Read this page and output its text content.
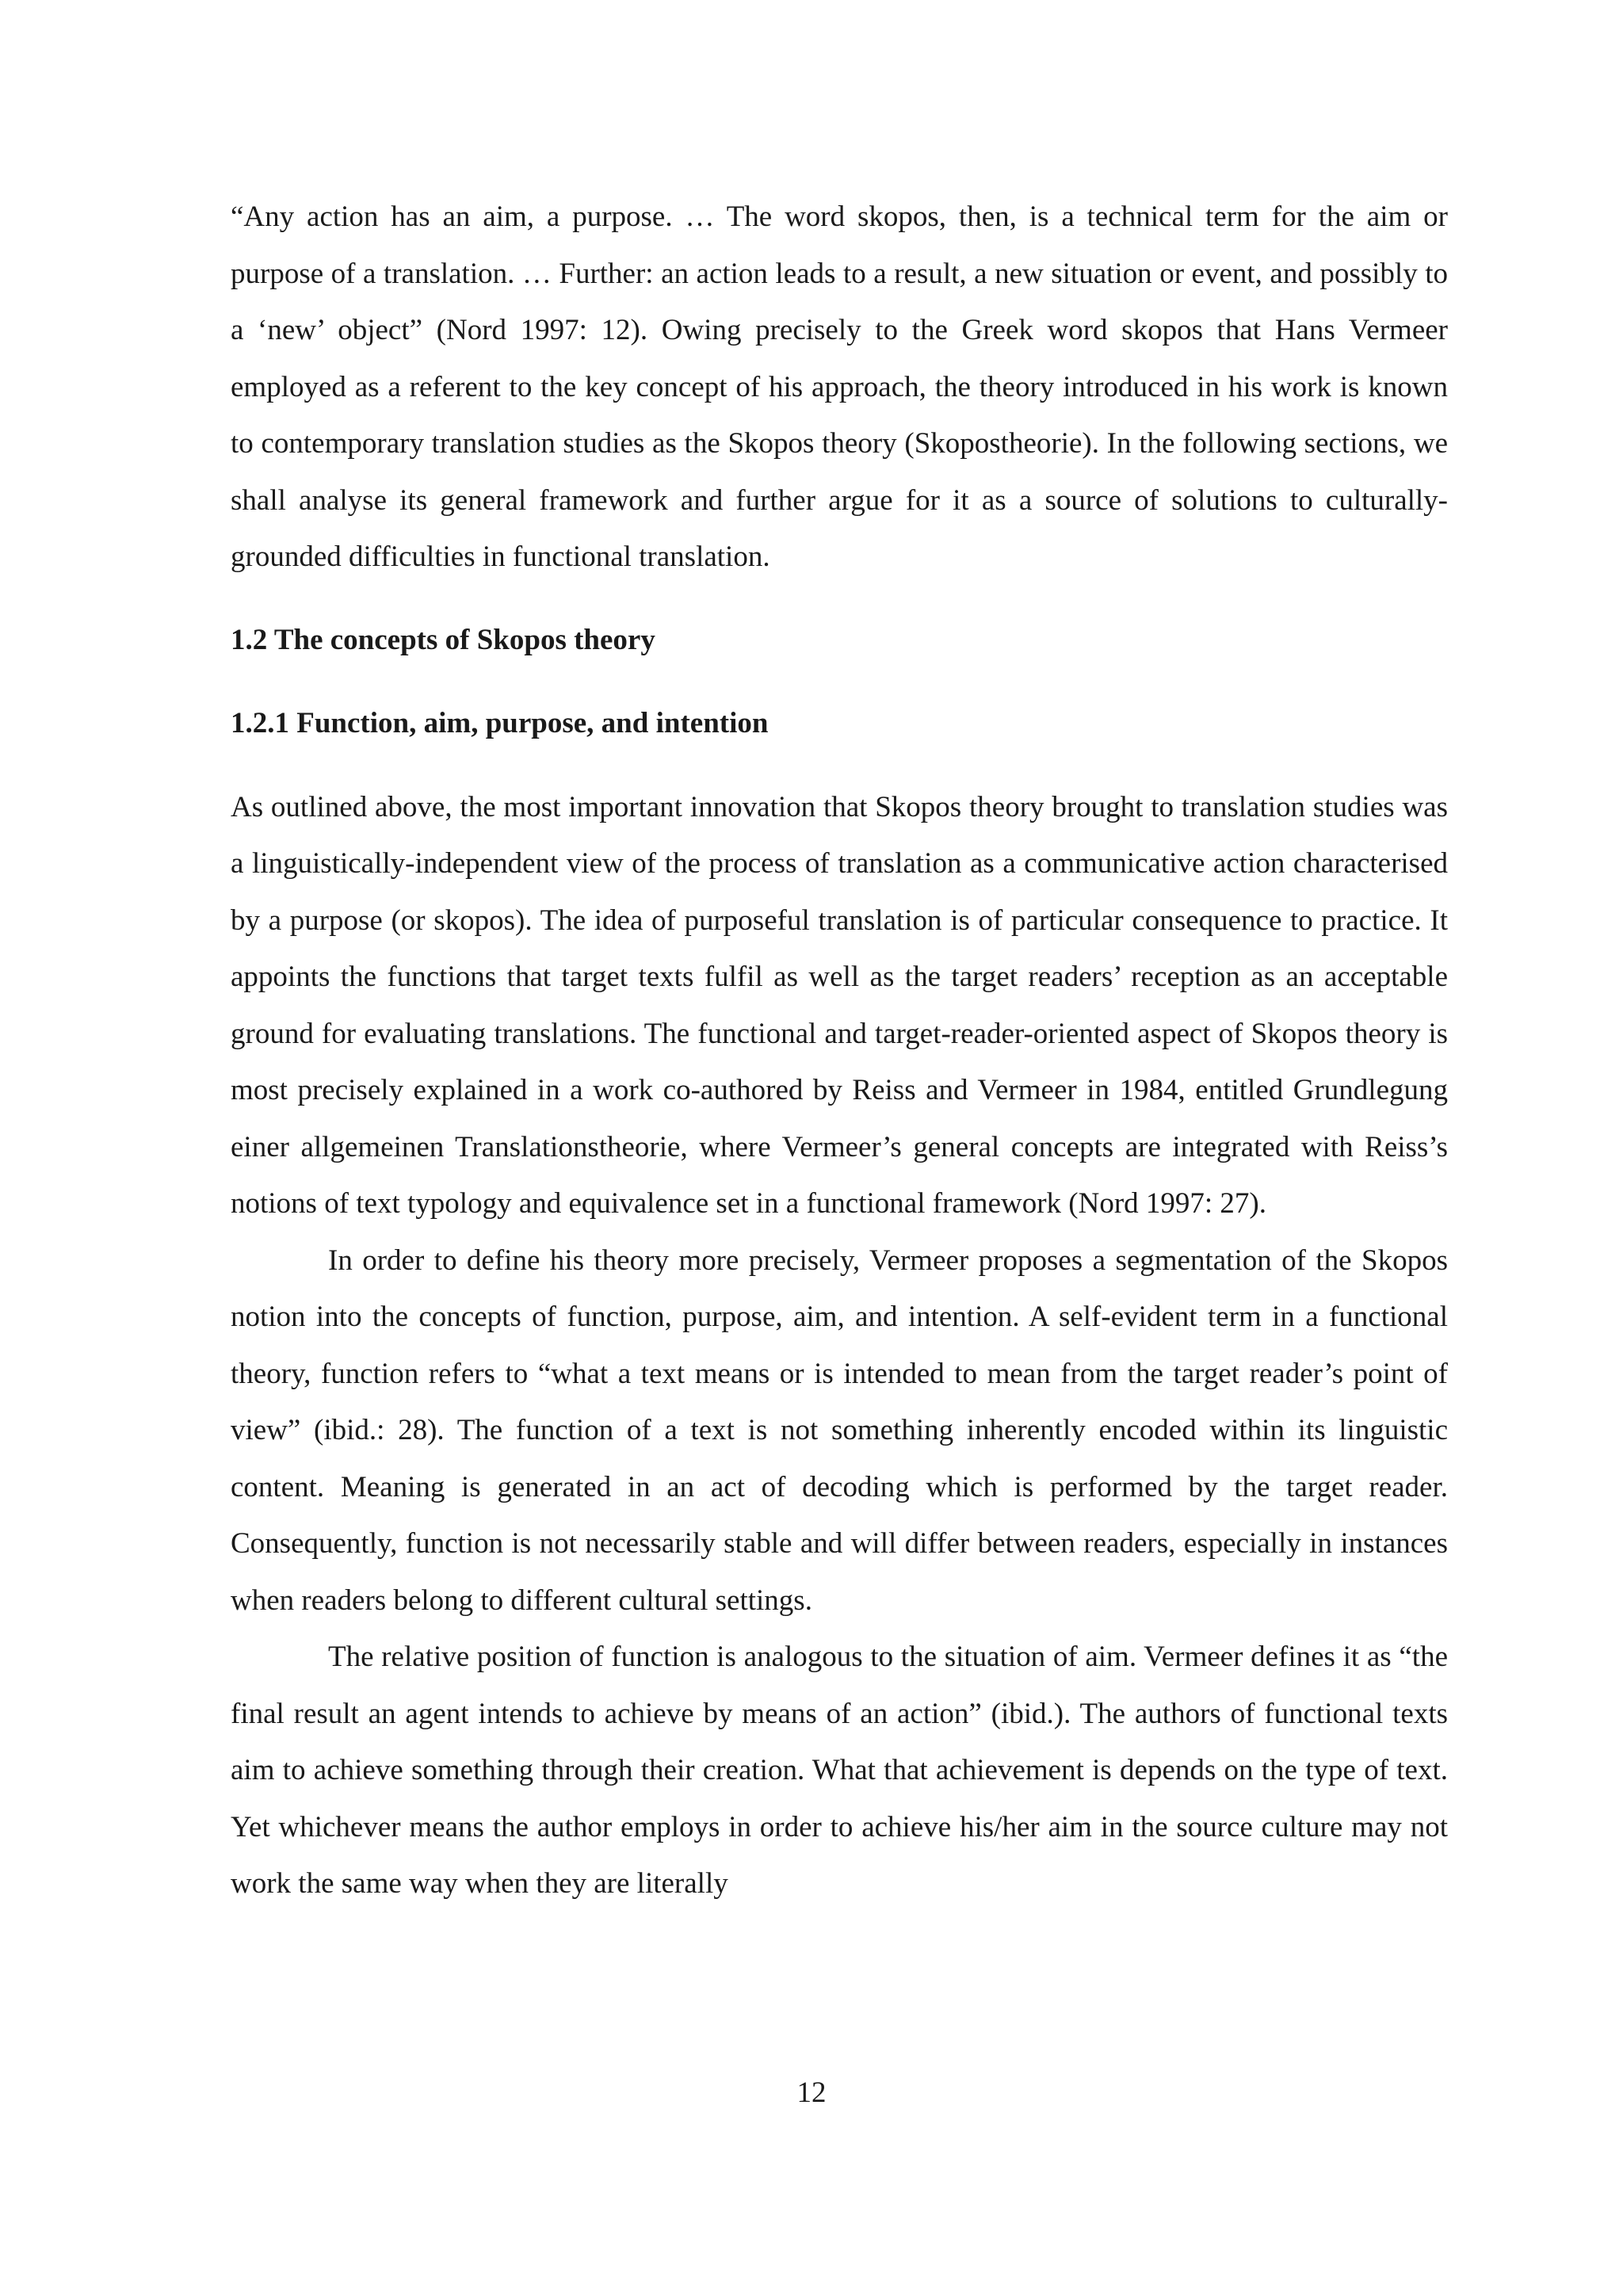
“Any action has an aim, a purpose. … The word skopos, then, is a technical term for the aim or purpose of a translation. … Further: an action leads to a result, a new situation or event, and possibly to a ‘new’ object” (Nord 1997: 12). Owing precisely to the Greek word skopos that Hans Vermeer employed as a referent to the key concept of his approach, the theory introduced in his work is known to contemporary translation studies as the Skopos theory (Skopostheorie). In the following sections, we shall analyse its general framework and further argue for it as a source of solutions to culturally-grounded difficulties in functional translation.

1.2 The concepts of Skopos theory
1.2.1 Function, aim, purpose, and intention

As outlined above, the most important innovation that Skopos theory brought to translation studies was a linguistically-independent view of the process of translation as a communicative action characterised by a purpose (or skopos). The idea of purposeful translation is of particular consequence to practice. It appoints the functions that target texts fulfil as well as the target readers’ reception as an acceptable ground for evaluating translations. The functional and target-reader-oriented aspect of Skopos theory is most precisely explained in a work co-authored by Reiss and Vermeer in 1984, entitled Grundlegung einer allgemeinen Translationstheorie, where Vermeer’s general concepts are integrated with Reiss’s notions of text typology and equivalence set in a functional framework (Nord 1997: 27).

In order to define his theory more precisely, Vermeer proposes a segmentation of the Skopos notion into the concepts of function, purpose, aim, and intention. A self-evident term in a functional theory, function refers to “what a text means or is intended to mean from the target reader’s point of view” (ibid.: 28). The function of a text is not something inherently encoded within its linguistic content. Meaning is generated in an act of decoding which is performed by the target reader. Consequently, function is not necessarily stable and will differ between readers, especially in instances when readers belong to different cultural settings.

The relative position of function is analogous to the situation of aim. Vermeer defines it as “the final result an agent intends to achieve by means of an action” (ibid.). The authors of functional texts aim to achieve something through their creation. What that achievement is depends on the type of text. Yet whichever means the author employs in order to achieve his/her aim in the source culture may not work the same way when they are literally

12
